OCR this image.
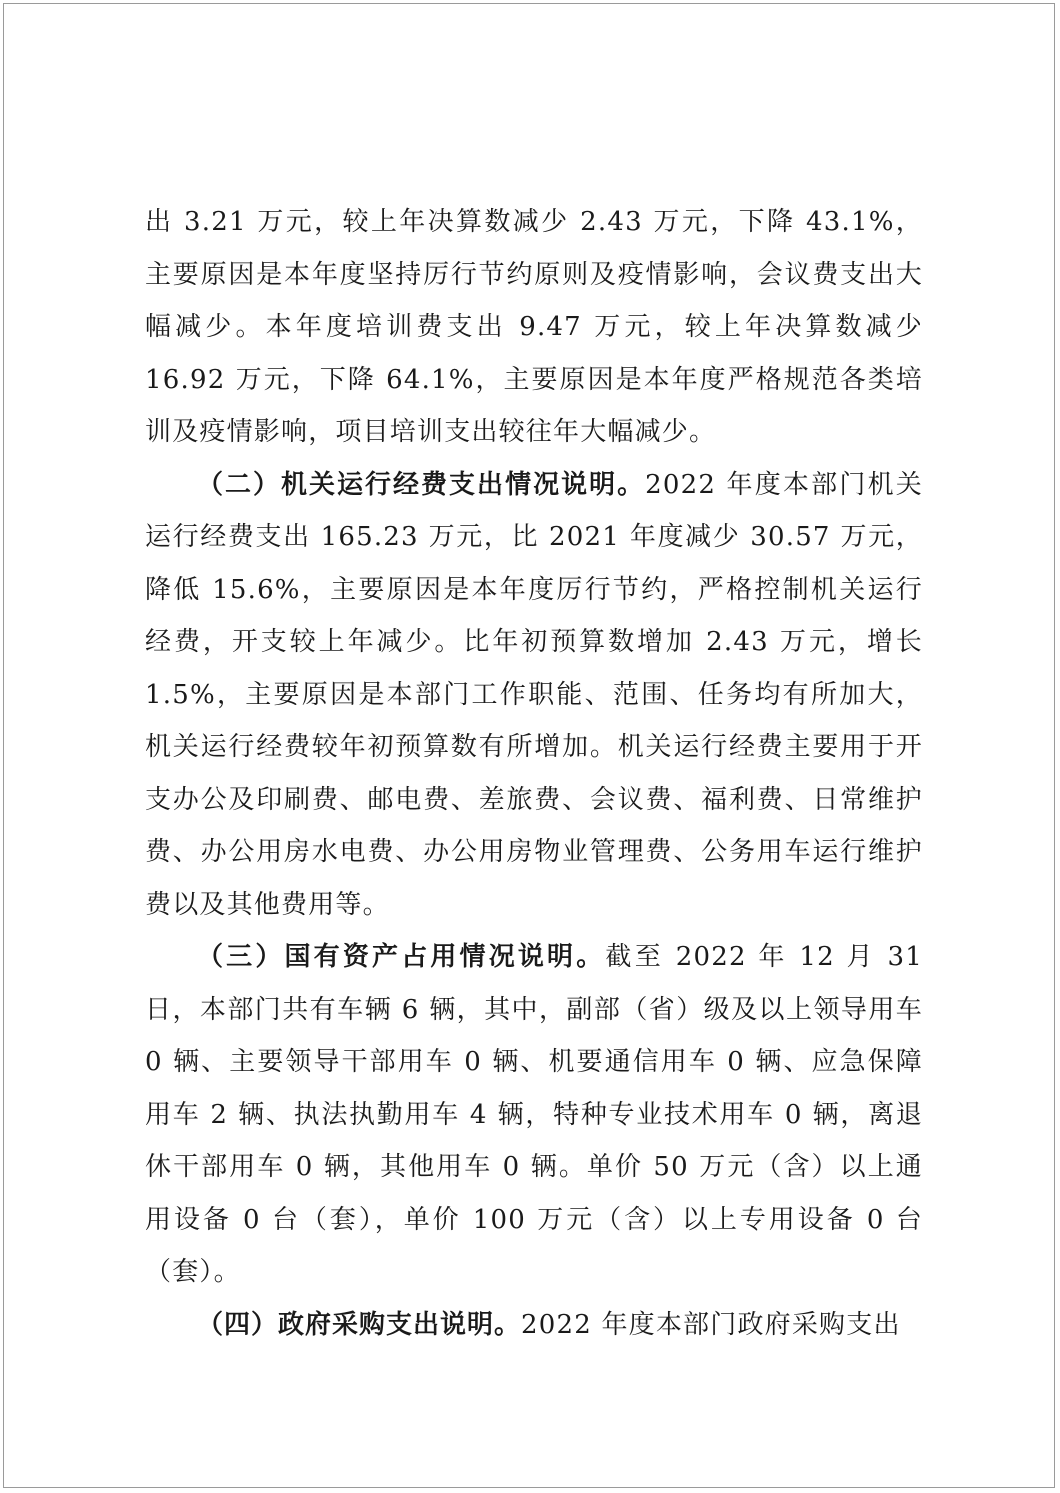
出 3.21 万元，较上年决算数减少 2.43 万元，下降 43.1%，主要原因是本年度坚持厉行节约原则及疫情影响，会议费支出大幅减少。本年度培训费支出 9.47 万元，较上年决算数减少 16.92 万元，下降 64.1%，主要原因是本年度严格规范各类培训及疫情影响，项目培训支出较往年大幅减少。

（二）机关运行经费支出情况说明。2022 年度本部门机关运行经费支出 165.23 万元，比 2021 年度减少 30.57 万元，降低 15.6%，主要原因是本年度厉行节约，严格控制机关运行经费，开支较上年减少。比年初预算数增加 2.43 万元，增长 1.5%，主要原因是本部门工作职能、范围、任务均有所加大，机关运行经费较年初预算数有所增加。机关运行经费主要用于开支办公及印刷费、邮电费、差旅费、会议费、福利费、日常维护费、办公用房水电费、办公用房物业管理费、公务用车运行维护费以及其他费用等。

（三）国有资产占用情况说明。截至 2022 年 12 月 31 日，本部门共有车辆 6 辆，其中，副部（省）级及以上领导用车 0 辆、主要领导干部用车 0 辆、机要通信用车 0 辆、应急保障用车 2 辆、执法执勤用车 4 辆，特种专业技术用车 0 辆，离退休干部用车 0 辆，其他用车 0 辆。单价 50 万元（含）以上通用设备 0 台（套），单价 100 万元（含）以上专用设备 0 台（套）。

（四）政府采购支出说明。2022 年度本部门政府采购支出
